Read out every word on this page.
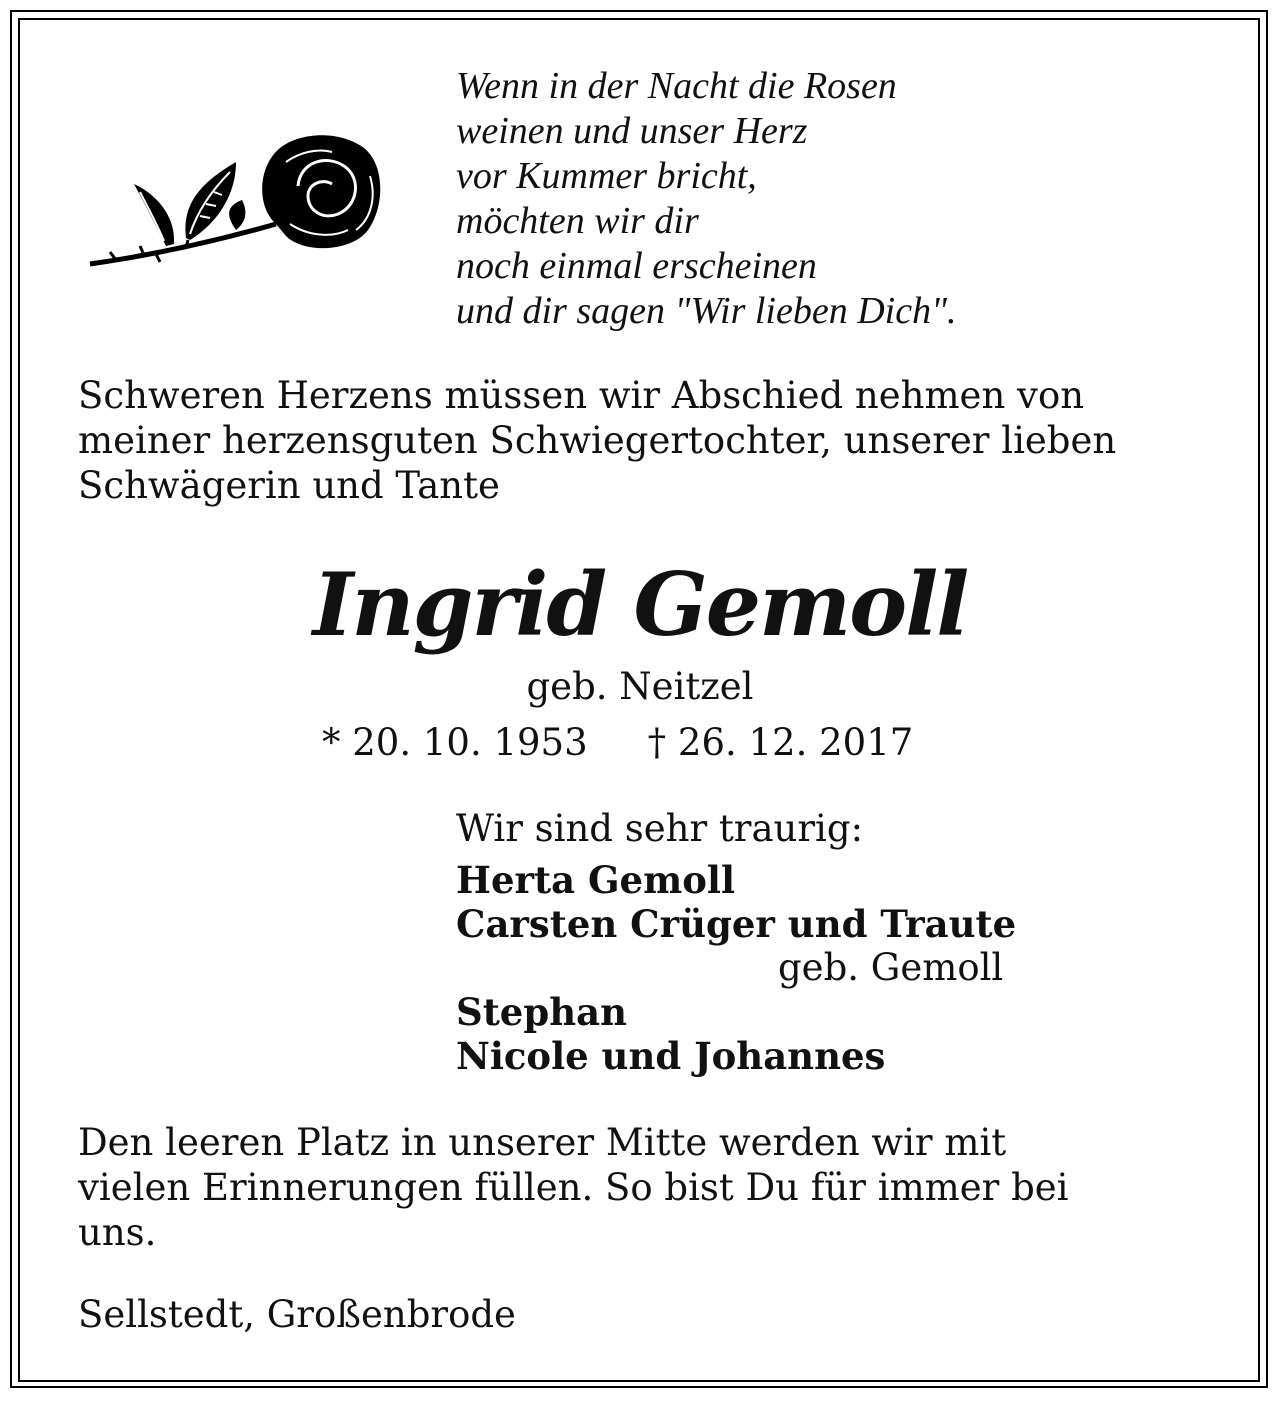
Wenn in der Nacht die Rosen
weinen und unser Herz
vor Kummer bricht,
möchten wir dir
noch einmal erscheinen
und dir sagen "Wir lieben Dich".
Schweren Herzens müssen wir Abschied nehmen von
meiner herzensguten Schwiegertochter, unserer lieben
Schwägerin und Tante
Ingrid Gemoll
geb. Neitzel
* 20. 10. 1953 † 26. 12. 2017
Wir sind sehr traurig:
Herta Gemoll
Carsten Crüger und Traute
geb. Gemoll
Stephan
Nicole und Johannes
Den leeren Platz in unserer Mitte werden wir mit
vielen Erinnerungen füllen. So bist Du für immer bei
uns.
Sellstedt, Großenbrode
